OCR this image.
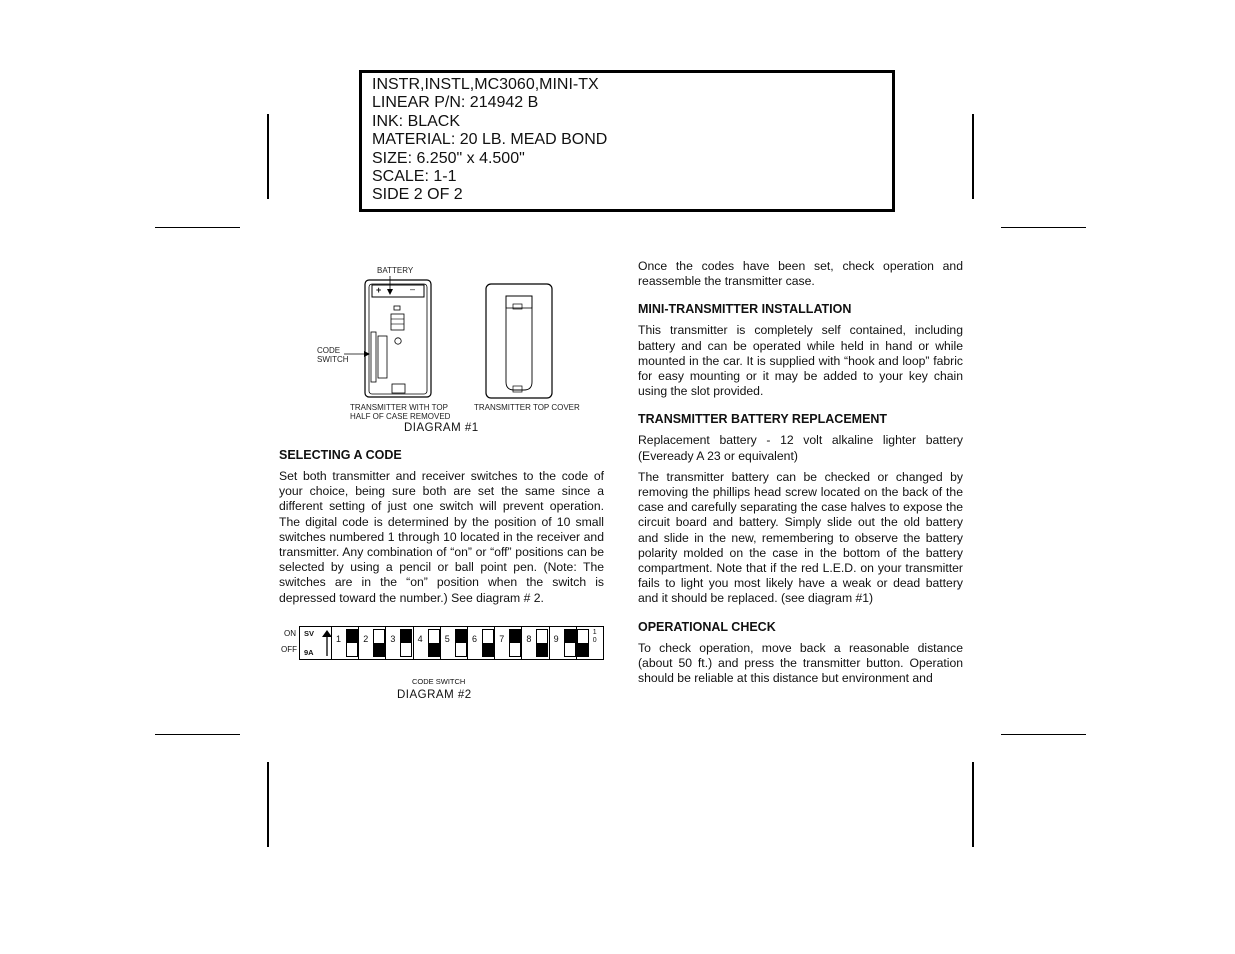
INSTR,INSTL,MC3060,MINI-TX
LINEAR P/N: 214942 B
INK: BLACK
MATERIAL: 20 LB. MEAD BOND
SIZE: 6.250" x 4.500"
SCALE: 1-1
SIDE 2 OF 2
BATTERY
+	–
CODE
SWITCH
TRANSMITTER WITH TOP
HALF OF CASE REMOVED
TRANSMITTER TOP COVER
DIAGRAM #1
SELECTING A CODE

Set both transmitter and receiver switches to the code of your choice, being sure both are set the same since a different setting of just one switch will prevent operation. The digital code is determined by the position of 10 small switches numbered 1 through 10 located in the receiver and transmitter. Any combination of “on” or “off” positions can be selected by using a pencil or ball point pen. (Note: The switches are in the “on” position when the switch is depressed toward the number.) See diagram # 2.

ON
OFF
SV
9A
1 2 3 4 5 6 7 8 9
10
CODE SWITCH
DIAGRAM #2

Once the codes have been set, check operation and reassemble the transmitter case.

MINI-TRANSMITTER INSTALLATION

This transmitter is completely self contained, including battery and can be operated while held in hand or while mounted in the car. It is supplied with “hook and loop” fabric for easy mounting or it may be added to your key chain using the slot provided.

TRANSMITTER BATTERY REPLACEMENT

Replacement battery - 12 volt alkaline lighter battery (Eveready A 23 or equivalent)

The transmitter battery can be checked or changed by removing the phillips head screw located on the back of the case and carefully separating the case halves to expose the circuit board and battery. Simply slide out the old battery and slide in the new, remembering to observe the battery polarity molded on the case in the bottom of the battery compartment. Note that if the red L.E.D. on your transmitter fails to light you most likely have a weak or dead battery and it should be replaced. (see diagram #1)

OPERATIONAL CHECK

To check operation, move back a reasonable distance (about 50 ft.) and press the transmitter button. Operation should be reliable at this distance but environment and
